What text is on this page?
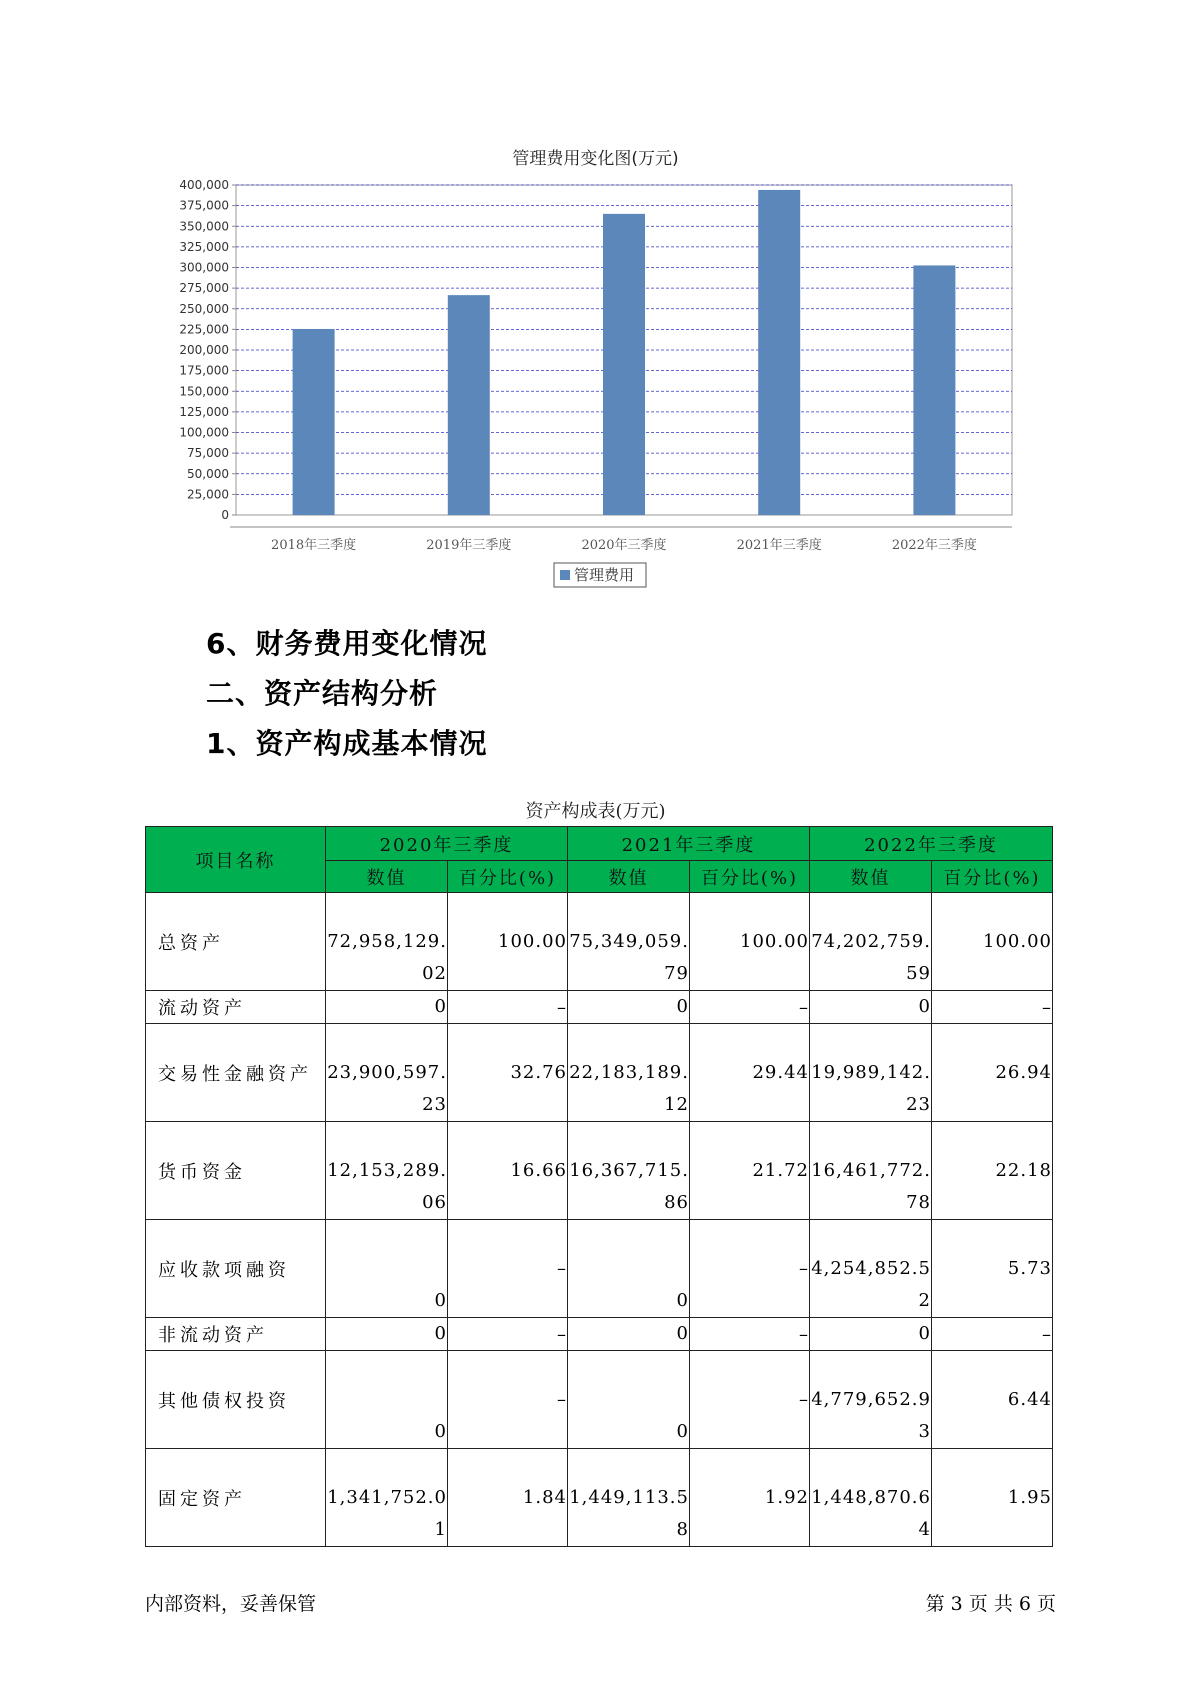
管理费用变化图(万元)
0
25,000
50,000
75,000
100,000
125,000
150,000
175,000
200,000
225,000
250,000
275,000
300,000
325,000
350,000
375,000
400,000
2018年三季度	2019年三季度	2020年三季度	2021年三季度	2022年三季度
管理费用
6、财务费用变化情况
二、资产结构分析
1、资产构成基本情况
资产构成表(万元)
项目名称	2020年三季度		2021年三季度		2022年三季度	
	数值	百分比(%)	数值	百分比(%)	数值	百分比(%)
总资产	72,958,129.02	100.00	75,349,059.79	100.00	74,202,759.59	100.00
流动资产	0	–	0	–	0	–
交易性金融资产	23,900,597.23	32.76	22,183,189.12	29.44	19,989,142.23	26.94
货币资金	12,153,289.06	16.66	16,367,715.86	21.72	16,461,772.78	22.18
应收款项融资	0	–	0	–	4,254,852.52	5.73
非流动资产	0	–	0	–	0	–
其他债权投资	0	–	0	–	4,779,652.93	6.44
固定资产	1,341,752.01	1.84	1,449,113.58	1.92	1,448,870.64	1.95
内部资料，妥善保管	第 3 页 共 6 页
